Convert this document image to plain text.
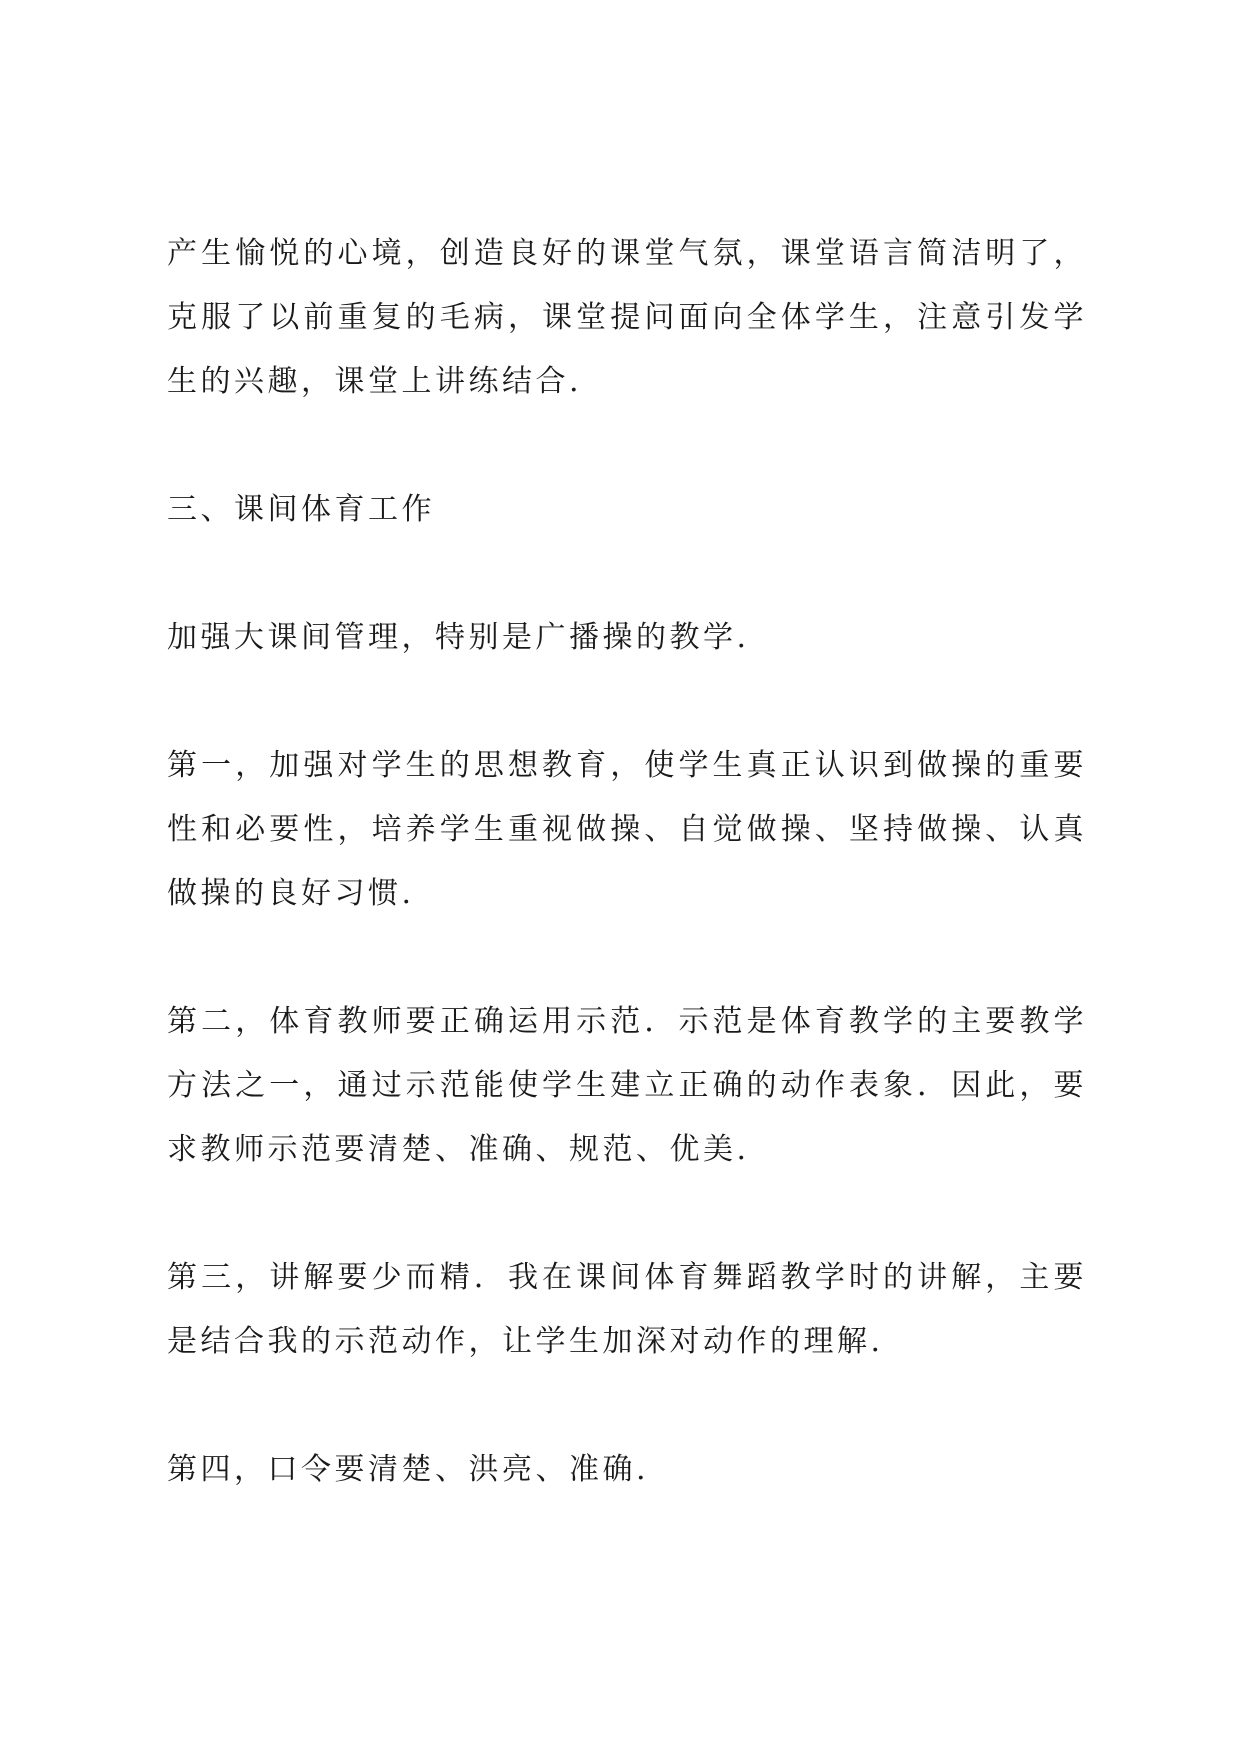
产生愉悦的心境，创造良好的课堂气氛，课堂语言简洁明了，克服了以前重复的毛病，课堂提问面向全体学生，注意引发学生的兴趣，课堂上讲练结合.

三、课间体育工作

加强大课间管理，特别是广播操的教学.

第一，加强对学生的思想教育，使学生真正认识到做操的重要性和必要性，培养学生重视做操、自觉做操、坚持做操、认真做操的良好习惯.

第二，体育教师要正确运用示范．示范是体育教学的主要教学方法之一，通过示范能使学生建立正确的动作表象．因此，要求教师示范要清楚、准确、规范、优美.

第三，讲解要少而精．我在课间体育舞蹈教学时的讲解，主要是结合我的示范动作，让学生加深对动作的理解.

第四，口令要清楚、洪亮、准确.
